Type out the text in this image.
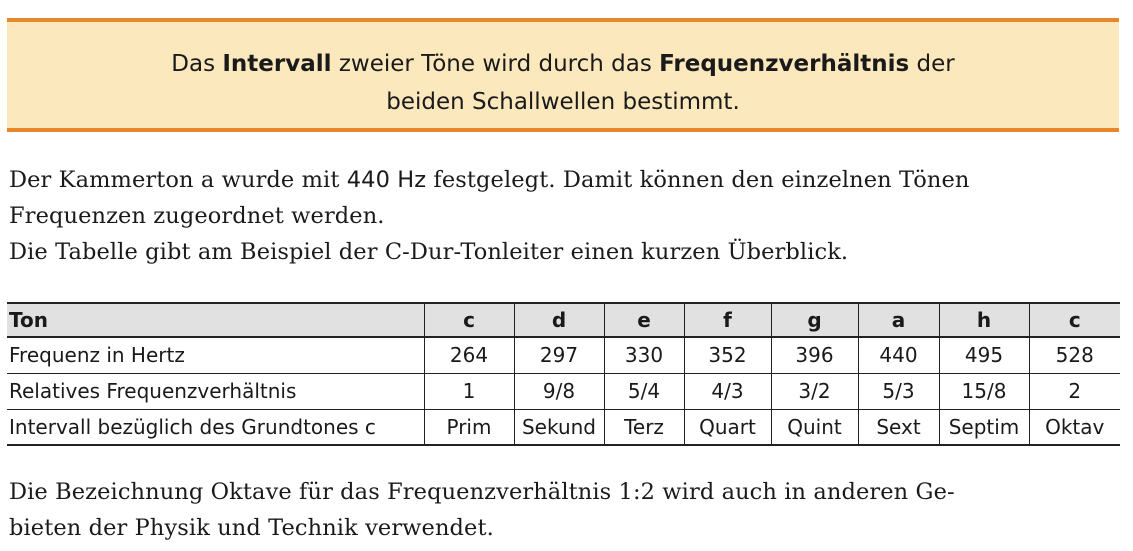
Das Intervall zweier Töne wird durch das Frequenzverhältnis der
beiden Schallwellen bestimmt.
Der Kammerton a wurde mit 440 Hz festgelegt. Damit können den einzelnen Tönen
Frequenzen zugeordnet werden.
Die Tabelle gibt am Beispiel der C-Dur-Tonleiter einen kurzen Überblick.
Ton	c	d	e	f	g	a	h	c
Frequenz in Hertz	264	297	330	352	396	440	495	528
Relatives Frequenzverhältnis	1	9/8	5/4	4/3	3/2	5/3	15/8	2
Intervall bezüglich des Grundtones c	Prim	Sekund	Terz	Quart	Quint	Sext	Septim	Oktav
Die Bezeichnung Oktave für das Frequenzverhältnis 1:2 wird auch in anderen Ge-
bieten der Physik und Technik verwendet.
